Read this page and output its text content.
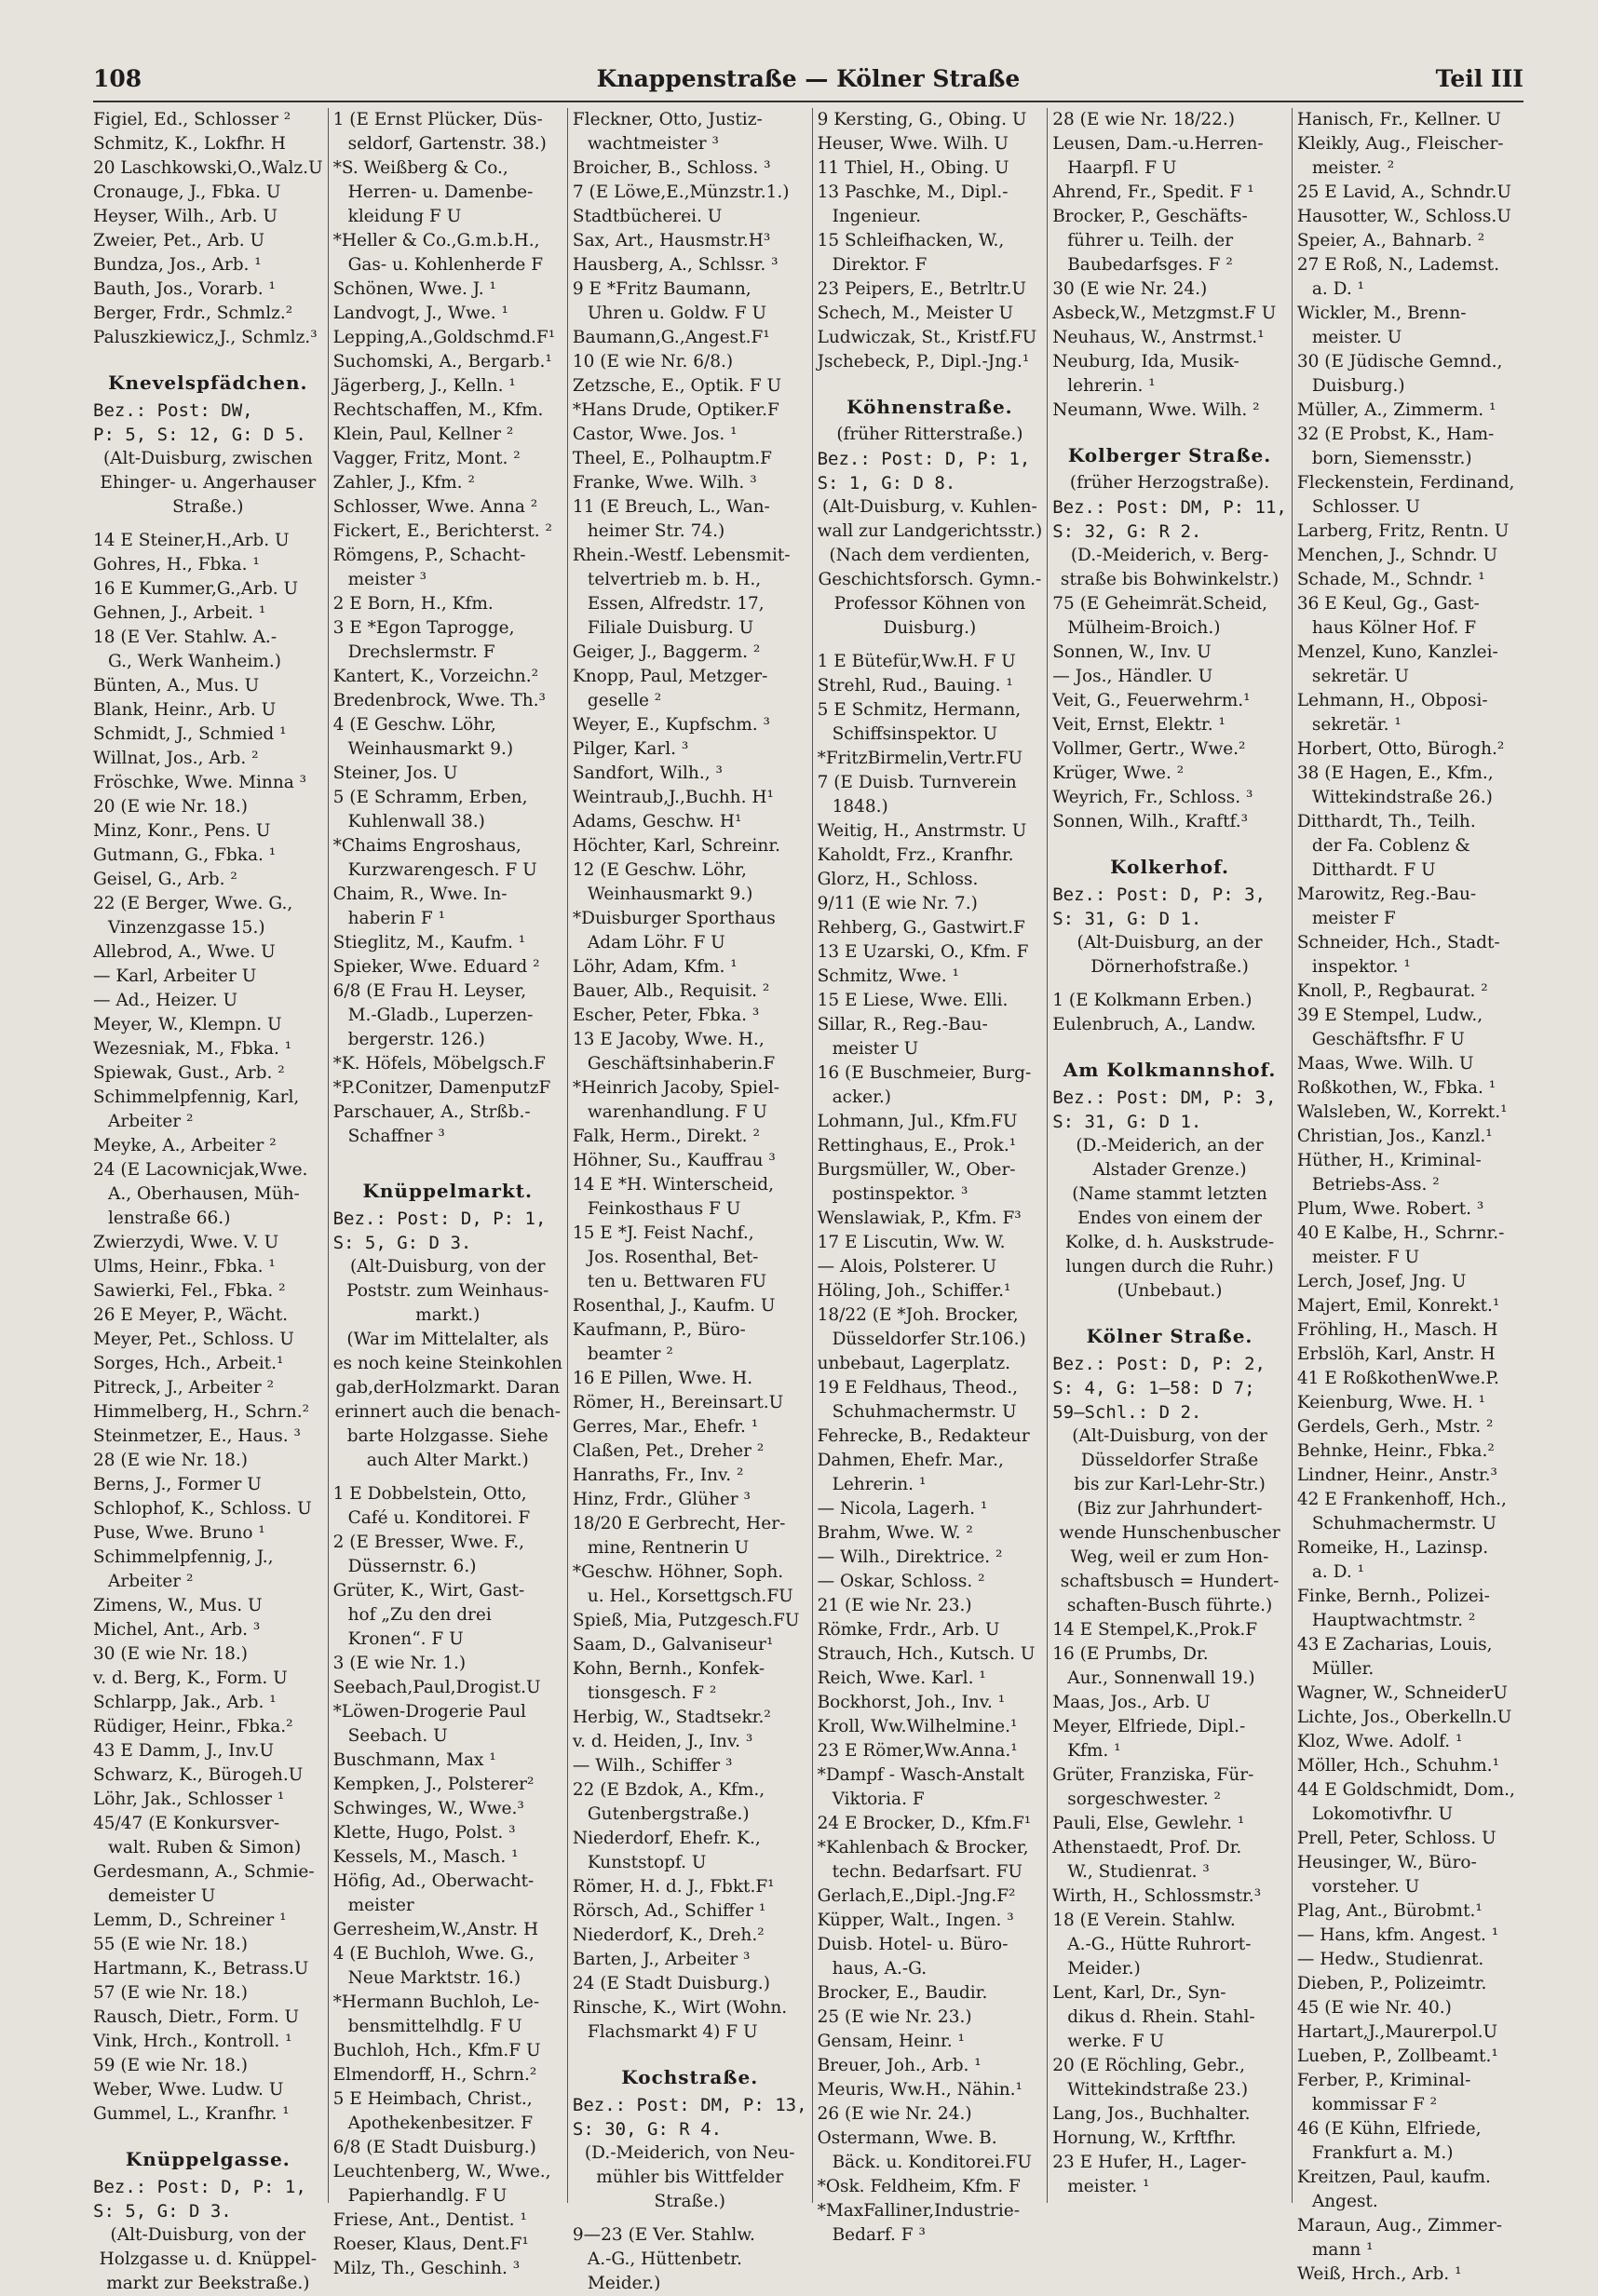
108	Knappenstraße — Kölner Straße	Teil III
Figiel, Ed., Schlosser ²
Schmitz, K., Lokfhr. H
20 Laschkowski,O.,Walz.U
Cronauge, J., Fbka. U
Heyser, Wilh., Arb. U
Zweier, Pet., Arb. U
Bundza, Jos., Arb. ¹
Bauth, Jos., Vorarb. ¹
Berger, Frdr., Schmlz.²
Paluszkiewicz,J., Schmlz.³
Knevelspfädchen.
Bez.: Post: DW,
P: 5, S: 12, G: D 5.
(Alt-Duisburg, zwischen
Ehinger- u. Angerhauser
Straße.)
14 E Steiner,H.,Arb. U
Gohres, H., Fbka. ¹
16 E Kummer,G.,Arb. U
Gehnen, J., Arbeit. ¹
18 (E Ver. Stahlw. A.-
G., Werk Wanheim.)
Bünten, A., Mus. U
Blank, Heinr., Arb. U
Schmidt, J., Schmied ¹
Willnat, Jos., Arb. ²
Fröschke, Wwe. Minna ³
20 (E wie Nr. 18.)
Minz, Konr., Pens. U
Gutmann, G., Fbka. ¹
Geisel, G., Arb. ²
22 (E Berger, Wwe. G.,
Vinzenzgasse 15.)
Allebrod, A., Wwe. U
— Karl, Arbeiter U
— Ad., Heizer. U
Meyer, W., Klempn. U
Wezesniak, M., Fbka. ¹
Spiewak, Gust., Arb. ²
Schimmelpfennig, Karl,
Arbeiter ²
Meyke, A., Arbeiter ²
24 (E Lacownicjak,Wwe.
A., Oberhausen, Müh-
lenstraße 66.)
Zwierzydi, Wwe. V. U
Ulms, Heinr., Fbka. ¹
Sawierki, Fel., Fbka. ²
26 E Meyer, P., Wächt.
Meyer, Pet., Schloss. U
Sorges, Hch., Arbeit.¹
Pitreck, J., Arbeiter ²
Himmelberg, H., Schrn.²
Steinmetzer, E., Haus. ³
28 (E wie Nr. 18.)
Berns, J., Former U
Schlophof, K., Schloss. U
Puse, Wwe. Bruno ¹
Schimmelpfennig, J.,
Arbeiter ²
Zimens, W., Mus. U
Michel, Ant., Arb. ³
30 (E wie Nr. 18.)
v. d. Berg, K., Form. U
Schlarpp, Jak., Arb. ¹
Rüdiger, Heinr., Fbka.²
43 E Damm, J., Inv.U
Schwarz, K., Bürogeh.U
Löhr, Jak., Schlosser ¹
45/47 (E Konkursver-
walt. Ruben & Simon)
Gerdesmann, A., Schmie-
demeister U
Lemm, D., Schreiner ¹
55 (E wie Nr. 18.)
Hartmann, K., Betrass.U
57 (E wie Nr. 18.)
Rausch, Dietr., Form. U
Vink, Hrch., Kontroll. ¹
59 (E wie Nr. 18.)
Weber, Wwe. Ludw. U
Gummel, L., Kranfhr. ¹
Knüppelgasse.
Bez.: Post: D, P: 1,
S: 5, G: D 3.
(Alt-Duisburg, von der
Holzgasse u. d. Knüppel-
markt zur Beekstraße.)
1 (E Ernst Plücker, Düs-
seldorf, Gartenstr. 38.)
*S. Weißberg & Co.,
Herren- u. Damenbe-
kleidung F U
*Heller & Co.,G.m.b.H.,
Gas- u. Kohlenherde F
Schönen, Wwe. J. ¹
Landvogt, J., Wwe. ¹
Lepping,A.,Goldschmd.F¹
Suchomski, A., Bergarb.¹
Jägerberg, J., Kelln. ¹
Rechtschaffen, M., Kfm.
Klein, Paul, Kellner ²
Vagger, Fritz, Mont. ²
Zahler, J., Kfm. ²
Schlosser, Wwe. Anna ²
Fickert, E., Berichterst. ²
Römgens, P., Schacht-
meister ³
2 E Born, H., Kfm.
3 E *Egon Taprogge,
Drechslermstr. F
Kantert, K., Vorzeichn.²
Bredenbrock, Wwe. Th.³
4 (E Geschw. Löhr,
Weinhausmarkt 9.)
Steiner, Jos. U
5 (E Schramm, Erben,
Kuhlenwall 38.)
*Chaims Engroshaus,
Kurzwarengesch. F U
Chaim, R., Wwe. In-
haberin F ¹
Stieglitz, M., Kaufm. ¹
Spieker, Wwe. Eduard ²
6/8 (E Frau H. Leyser,
M.-Gladb., Luperzen-
bergerstr. 126.)
*K. Höfels, Möbelgsch.F
*P.Conitzer, DamenputzF
Parschauer, A., Strßb.-
Schaffner ³
Knüppelmarkt.
Bez.: Post: D, P: 1,
S: 5, G: D 3.
(Alt-Duisburg, von der
Poststr. zum Weinhaus-
markt.)
(War im Mittelalter, als
es noch keine Steinkohlen
gab,derHolzmarkt. Daran
erinnert auch die benach-
barte Holzgasse. Siehe
auch Alter Markt.)
1 E Dobbelstein, Otto,
Café u. Konditorei. F
2 (E Bresser, Wwe. F.,
Düssernstr. 6.)
Grüter, K., Wirt, Gast-
hof „Zu den drei
Kronen“. F U
3 (E wie Nr. 1.)
Seebach,Paul,Drogist.U
*Löwen-Drogerie Paul
Seebach. U
Buschmann, Max ¹
Kempken, J., Polsterer²
Schwinges, W., Wwe.³
Klette, Hugo, Polst. ³
Kessels, M., Masch. ¹
Höfig, Ad., Oberwacht-
meister
Gerresheim,W.,Anstr. H
4 (E Buchloh, Wwe. G.,
Neue Marktstr. 16.)
*Hermann Buchloh, Le-
bensmittelhdlg. F U
Buchloh, Hch., Kfm.F U
Elmendorff, H., Schrn.²
5 E Heimbach, Christ.,
Apothekenbesitzer. F
6/8 (E Stadt Duisburg.)
Leuchtenberg, W., Wwe.,
Papierhandlg. F U
Friese, Ant., Dentist. ¹
Roeser, Klaus, Dent.F¹
Milz, Th., Geschinh. ³
Fleckner, Otto, Justiz-
wachtmeister ³
Broicher, B., Schloss. ³
7 (E Löwe,E.,Münzstr.1.)
Stadtbücherei. U
Sax, Art., Hausmstr.H³
Hausberg, A., Schlssr. ³
9 E *Fritz Baumann,
Uhren u. Goldw. F U
Baumann,G.,Angest.F¹
10 (E wie Nr. 6/8.)
Zetzsche, E., Optik. F U
*Hans Drude, Optiker.F
Castor, Wwe. Jos. ¹
Theel, E., Polhauptm.F
Franke, Wwe. Wilh. ³
11 (E Breuch, L., Wan-
heimer Str. 74.)
Rhein.-Westf. Lebensmit-
telvertrieb m. b. H.,
Essen, Alfredstr. 17,
Filiale Duisburg. U
Geiger, J., Baggerm. ²
Knopp, Paul, Metzger-
geselle ²
Weyer, E., Kupfschm. ³
Pilger, Karl. ³
Sandfort, Wilh., ³
Weintraub,J.,Buchh. H¹
Adams, Geschw. H¹
Höchter, Karl, Schreinr.
12 (E Geschw. Löhr,
Weinhausmarkt 9.)
*Duisburger Sporthaus
Adam Löhr. F U
Löhr, Adam, Kfm. ¹
Bauer, Alb., Requisit. ²
Escher, Peter, Fbka. ³
13 E Jacoby, Wwe. H.,
Geschäftsinhaberin.F
*Heinrich Jacoby, Spiel-
warenhandlung. F U
Falk, Herm., Direkt. ²
Höhner, Su., Kauffrau ³
14 E *H. Winterscheid,
Feinkosthaus F U
15 E *J. Feist Nachf.,
Jos. Rosenthal, Bet-
ten u. Bettwaren FU
Rosenthal, J., Kaufm. U
Kaufmann, P., Büro-
beamter ²
16 E Pillen, Wwe. H.
Römer, H., Bereinsart.U
Gerres, Mar., Ehefr. ¹
Claßen, Pet., Dreher ²
Hanraths, Fr., Inv. ²
Hinz, Frdr., Glüher ³
18/20 E Gerbrecht, Her-
mine, Rentnerin U
*Geschw. Höhner, Soph.
u. Hel., Korsettgsch.FU
Spieß, Mia, Putzgesch.FU
Saam, D., Galvaniseur¹
Kohn, Bernh., Konfek-
tionsgesch. F ²
Herbig, W., Stadtsekr.²
v. d. Heiden, J., Inv. ³
— Wilh., Schiffer ³
22 (E Bzdok, A., Kfm.,
Gutenbergstraße.)
Niederdorf, Ehefr. K.,
Kunststopf. U
Römer, H. d. J., Fbkt.F¹
Rörsch, Ad., Schiffer ¹
Niederdorf, K., Dreh.²
Barten, J., Arbeiter ³
24 (E Stadt Duisburg.)
Rinsche, K., Wirt (Wohn.
Flachsmarkt 4) F U
Kochstraße.
Bez.: Post: DM, P: 13,
S: 30, G: R 4.
(D.-Meiderich, von Neu-
mühler bis Wittfelder
Straße.)
9—23 (E Ver. Stahlw.
A.-G., Hüttenbetr.
Meider.)
9 Kersting, G., Obing. U
Heuser, Wwe. Wilh. U
11 Thiel, H., Obing. U
13 Paschke, M., Dipl.-
Ingenieur.
15 Schleifhacken, W.,
Direktor. F
23 Peipers, E., Betrltr.U
Schech, M., Meister U
Ludwiczak, St., Kristf.FU
Jschebeck, P., Dipl.-Jng.¹
Köhnenstraße.
(früher Ritterstraße.)
Bez.: Post: D, P: 1,
S: 1, G: D 8.
(Alt-Duisburg, v. Kuhlen-
wall zur Landgerichtsstr.)
(Nach dem verdienten,
Geschichtsforsch. Gymn.-
Professor Köhnen von
Duisburg.)
1 E Bütefür,Ww.H. F U
Strehl, Rud., Bauing. ¹
5 E Schmitz, Hermann,
Schiffsinspektor. U
*FritzBirmelin,Vertr.FU
7 (E Duisb. Turnverein
1848.)
Weitig, H., Anstrmstr. U
Kaholdt, Frz., Kranfhr.
Glorz, H., Schloss.
9/11 (E wie Nr. 7.)
Rehberg, G., Gastwirt.F
13 E Uzarski, O., Kfm. F
Schmitz, Wwe. ¹
15 E Liese, Wwe. Elli.
Sillar, R., Reg.-Bau-
meister U
16 (E Buschmeier, Burg-
acker.)
Lohmann, Jul., Kfm.FU
Rettinghaus, E., Prok.¹
Burgsmüller, W., Ober-
postinspektor. ³
Wenslawiak, P., Kfm. F³
17 E Liscutin, Ww. W.
— Alois, Polsterer. U
Höling, Joh., Schiffer.¹
18/22 (E *Joh. Brocker,
Düsseldorfer Str.106.)
unbebaut, Lagerplatz.
19 E Feldhaus, Theod.,
Schuhmachermstr. U
Fehrecke, B., Redakteur
Dahmen, Ehefr. Mar.,
Lehrerin. ¹
— Nicola, Lagerh. ¹
Brahm, Wwe. W. ²
— Wilh., Direktrice. ²
— Oskar, Schloss. ²
21 (E wie Nr. 23.)
Römke, Frdr., Arb. U
Strauch, Hch., Kutsch. U
Reich, Wwe. Karl. ¹
Bockhorst, Joh., Inv. ¹
Kroll, Ww.Wilhelmine.¹
23 E Römer,Ww.Anna.¹
*Dampf - Wasch-Anstalt
Viktoria. F
24 E Brocker, D., Kfm.F¹
*Kahlenbach & Brocker,
techn. Bedarfsart. FU
Gerlach,E.,Dipl.-Jng.F²
Küpper, Walt., Ingen. ³
Duisb. Hotel- u. Büro-
haus, A.-G.
Brocker, E., Baudir.
25 (E wie Nr. 23.)
Gensam, Heinr. ¹
Breuer, Joh., Arb. ¹
Meuris, Ww.H., Nähin.¹
26 (E wie Nr. 24.)
Ostermann, Wwe. B.
Bäck. u. Konditorei.FU
*Osk. Feldheim, Kfm. F
*MaxFalliner,Industrie-
Bedarf. F ³
28 (E wie Nr. 18/22.)
Leusen, Dam.-u.Herren-
Haarpfl. F U
Ahrend, Fr., Spedit. F ¹
Brocker, P., Geschäfts-
führer u. Teilh. der
Baubedarfsges. F ²
30 (E wie Nr. 24.)
Asbeck,W., Metzgmst.F U
Neuhaus, W., Anstrmst.¹
Neuburg, Ida, Musik-
lehrerin. ¹
Neumann, Wwe. Wilh. ²
Kolberger Straße.
(früher Herzogstraße).
Bez.: Post: DM, P: 11,
S: 32, G: R 2.
(D.-Meiderich, v. Berg-
straße bis Bohwinkelstr.)
75 (E Geheimrät.Scheid,
Mülheim-Broich.)
Sonnen, W., Inv. U
— Jos., Händler. U
Veit, G., Feuerwehrm.¹
Veit, Ernst, Elektr. ¹
Vollmer, Gertr., Wwe.²
Krüger, Wwe. ²
Weyrich, Fr., Schloss. ³
Sonnen, Wilh., Kraftf.³
Kolkerhof.
Bez.: Post: D, P: 3,
S: 31, G: D 1.
(Alt-Duisburg, an der
Dörnerhofstraße.)
1 (E Kolkmann Erben.)
Eulenbruch, A., Landw.
Am Kolkmannshof.
Bez.: Post: DM, P: 3,
S: 31, G: D 1.
(D.-Meiderich, an der
Alstader Grenze.)
(Name stammt letzten
Endes von einem der
Kolke, d. h. Auskstrude-
lungen durch die Ruhr.)
(Unbebaut.)
Kölner Straße.
Bez.: Post: D, P: 2,
S: 4, G: 1—58: D 7;
59—Schl.: D 2.
(Alt-Duisburg, von der
Düsseldorfer Straße
bis zur Karl-Lehr-Str.)
(Biz zur Jahrhundert-
wende Hunschenbuscher
Weg, weil er zum Hon-
schaftsbusch = Hundert-
schaften-Busch führte.)
14 E Stempel,K.,Prok.F
16 (E Prumbs, Dr.
Aur., Sonnenwall 19.)
Maas, Jos., Arb. U
Meyer, Elfriede, Dipl.-
Kfm. ¹
Grüter, Franziska, Für-
sorgeschwester. ²
Pauli, Else, Gewlehr. ¹
Athenstaedt, Prof. Dr.
W., Studienrat. ³
Wirth, H., Schlossmstr.³
18 (E Verein. Stahlw.
A.-G., Hütte Ruhrort-
Meider.)
Lent, Karl, Dr., Syn-
dikus d. Rhein. Stahl-
werke. F U
20 (E Röchling, Gebr.,
Wittekindstraße 23.)
Lang, Jos., Buchhalter.
Hornung, W., Krftfhr.
23 E Hufer, H., Lager-
meister. ¹
Hanisch, Fr., Kellner. U
Kleikly, Aug., Fleischer-
meister. ²
25 E Lavid, A., Schndr.U
Hausotter, W., Schloss.U
Speier, A., Bahnarb. ²
27 E Roß, N., Lademst.
a. D. ¹
Wickler, M., Brenn-
meister. U
30 (E Jüdische Gemnd.,
Duisburg.)
Müller, A., Zimmerm. ¹
32 (E Probst, K., Ham-
born, Siemensstr.)
Fleckenstein, Ferdinand,
Schlosser. U
Larberg, Fritz, Rentn. U
Menchen, J., Schndr. U
Schade, M., Schndr. ¹
36 E Keul, Gg., Gast-
haus Kölner Hof. F
Menzel, Kuno, Kanzlei-
sekretär. U
Lehmann, H., Obposi-
sekretär. ¹
Horbert, Otto, Bürogh.²
38 (E Hagen, E., Kfm.,
Wittekindstraße 26.)
Ditthardt, Th., Teilh.
der Fa. Coblenz &
Ditthardt. F U
Marowitz, Reg.-Bau-
meister F
Schneider, Hch., Stadt-
inspektor. ¹
Knoll, P., Regbaurat. ²
39 E Stempel, Ludw.,
Geschäftsfhr. F U
Maas, Wwe. Wilh. U
Roßkothen, W., Fbka. ¹
Walsleben, W., Korrekt.¹
Christian, Jos., Kanzl.¹
Hüther, H., Kriminal-
Betriebs-Ass. ²
Plum, Wwe. Robert. ³
40 E Kalbe, H., Schrnr.-
meister. F U
Lerch, Josef, Jng. U
Majert, Emil, Konrekt.¹
Fröhling, H., Masch. H
Erbslöh, Karl, Anstr. H
41 E RoßkothenWwe.P.
Keienburg, Wwe. H. ¹
Gerdels, Gerh., Mstr. ²
Behnke, Heinr., Fbka.²
Lindner, Heinr., Anstr.³
42 E Frankenhoff, Hch.,
Schuhmachermstr. U
Romeike, H., Lazinsp.
a. D. ¹
Finke, Bernh., Polizei-
Hauptwachtmstr. ²
43 E Zacharias, Louis,
Müller.
Wagner, W., SchneiderU
Lichte, Jos., Oberkelln.U
Kloz, Wwe. Adolf. ¹
Möller, Hch., Schuhm.¹
44 E Goldschmidt, Dom.,
Lokomotivfhr. U
Prell, Peter, Schloss. U
Heusinger, W., Büro-
vorsteher. U
Plag, Ant., Bürobmt.¹
— Hans, kfm. Angest. ¹
— Hedw., Studienrat.
Dieben, P., Polizeimtr.
45 (E wie Nr. 40.)
Hartart,J.,Maurerpol.U
Lueben, P., Zollbeamt.¹
Ferber, P., Kriminal-
kommissar F ²
46 (E Kühn, Elfriede,
Frankfurt a. M.)
Kreitzen, Paul, kaufm.
Angest.
Maraun, Aug., Zimmer-
mann ¹
Weiß, Hrch., Arb. ¹
